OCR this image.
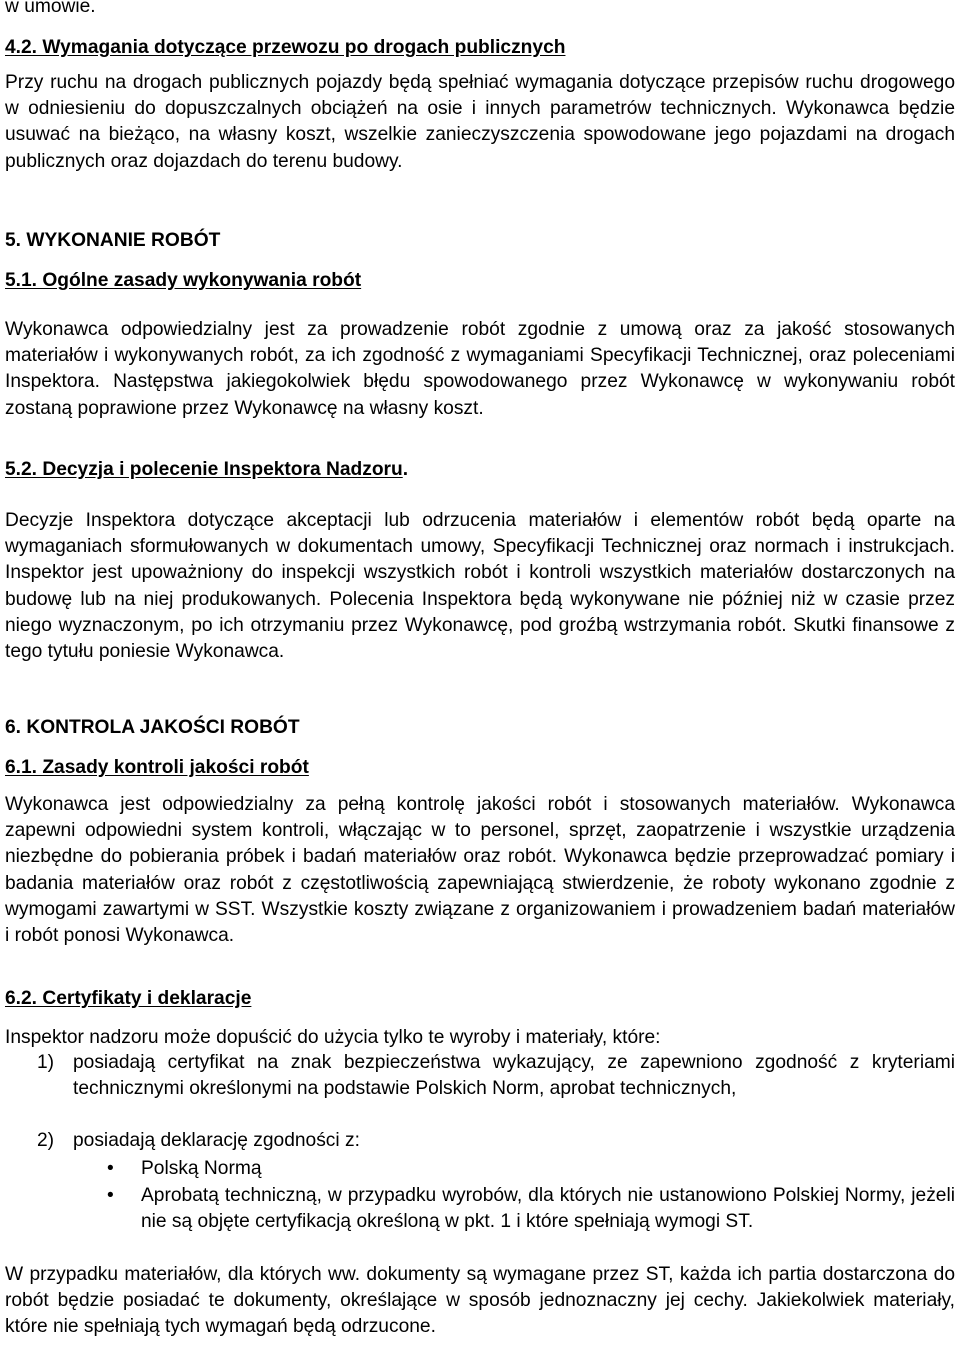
w umowie.
4.2. Wymagania dotyczące przewozu po drogach publicznych

Przy ruchu na drogach publicznych pojazdy będą spełniać wymagania dotyczące przepisów ruchu drogowego w odniesieniu do dopuszczalnych obciążeń na osie i innych parametrów technicznych. Wykonawca będzie usuwać na bieżąco, na własny koszt, wszelkie zanieczyszczenia spowodowane jego pojazdami na drogach publicznych oraz dojazdach do terenu budowy.

5. WYKONANIE ROBÓT
5.1. Ogólne zasady wykonywania robót

Wykonawca odpowiedzialny jest za prowadzenie robót zgodnie z umową oraz za jakość stosowanych materiałów i wykonywanych robót, za ich zgodność z wymaganiami Specyfikacji Technicznej, oraz poleceniami Inspektora. Następstwa jakiegokolwiek błędu spowodowanego przez Wykonawcę w wykonywaniu robót zostaną poprawione przez Wykonawcę na własny koszt.

5.2. Decyzja i polecenie Inspektora Nadzoru.

Decyzje Inspektora dotyczące akceptacji lub odrzucenia materiałów i elementów robót będą oparte na wymaganiach sformułowanych w dokumentach umowy, Specyfikacji Technicznej oraz normach i instrukcjach. Inspektor jest upoważniony do inspekcji wszystkich robót i kontroli wszystkich materiałów dostarczonych na budowę lub na niej produkowanych. Polecenia Inspektora będą wykonywane nie później niż w czasie przez niego wyznaczonym, po ich otrzymaniu przez Wykonawcę, pod groźbą wstrzymania robót. Skutki finansowe z tego tytułu poniesie Wykonawca.

6. KONTROLA JAKOŚCI ROBÓT
6.1. Zasady kontroli jakości robót

Wykonawca jest odpowiedzialny za pełną kontrolę jakości robót i stosowanych materiałów. Wykonawca zapewni odpowiedni system kontroli, włączając w to personel, sprzęt, zaopatrzenie i wszystkie urządzenia niezbędne do pobierania próbek i badań materiałów oraz robót. Wykonawca będzie przeprowadzać pomiary i badania materiałów oraz robót z częstotliwością zapewniającą stwierdzenie, że roboty wykonano zgodnie z wymogami zawartymi w SST. Wszystkie koszty związane z organizowaniem i prowadzeniem badań materiałów i robót ponosi Wykonawca.

6.2. Certyfikaty i deklaracje

Inspektor nadzoru może dopuścić do użycia tylko te wyroby i materiały, które:

1) posiadają certyfikat na znak bezpieczeństwa wykazujący, ze zapewniono zgodność z kryteriami technicznymi określonymi na podstawie Polskich Norm, aprobat technicznych,
2) posiadają deklarację zgodności z:
• Polską Normą
• Aprobatą techniczną, w przypadku wyrobów, dla których nie ustanowiono Polskiej Normy, jeżeli nie są objęte certyfikacją określoną w pkt. 1 i które spełniają wymogi ST.

W przypadku materiałów, dla których ww. dokumenty są wymagane przez ST, każda ich partia dostarczona do robót będzie posiadać te dokumenty, określające w sposób jednoznaczny jej cechy. Jakiekolwiek materiały, które nie spełniają tych wymagań będą odrzucone.
